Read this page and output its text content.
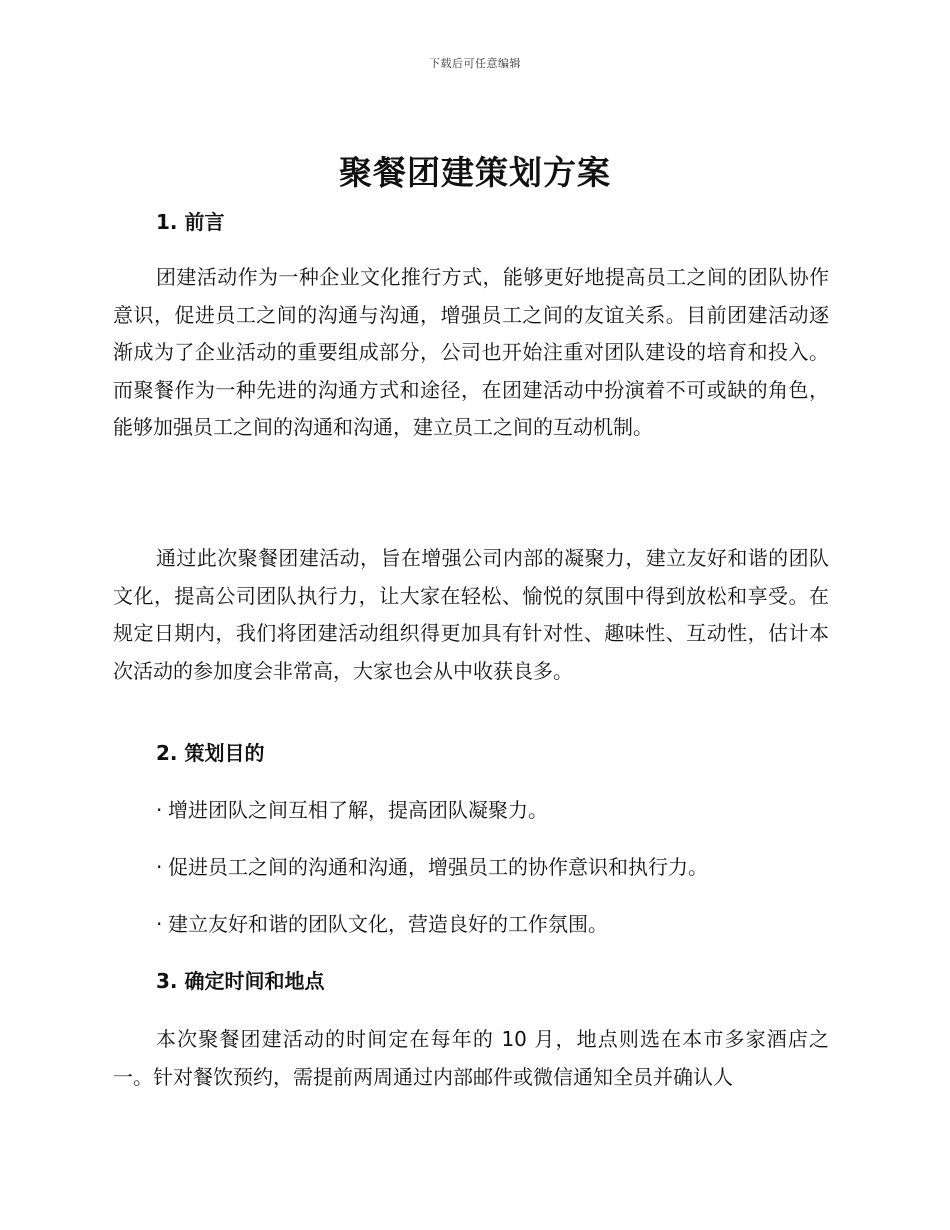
下载后可任意编辑
聚餐团建策划方案
1. 前言

团建活动作为一种企业文化推行方式，能够更好地提高员工之间的团队协作意识，促进员工之间的沟通与沟通，增强员工之间的友谊关系。目前团建活动逐渐成为了企业活动的重要组成部分，公司也开始注重对团队建设的培育和投入。而聚餐作为一种先进的沟通方式和途径，在团建活动中扮演着不可或缺的角色，能够加强员工之间的沟通和沟通，建立员工之间的互动机制。

通过此次聚餐团建活动，旨在增强公司内部的凝聚力，建立友好和谐的团队文化，提高公司团队执行力，让大家在轻松、愉悦的氛围中得到放松和享受。在规定日期内，我们将团建活动组织得更加具有针对性、趣味性、互动性，估计本次活动的参加度会非常高，大家也会从中收获良多。

2. 策划目的

· 增进团队之间互相了解，提高团队凝聚力。

· 促进员工之间的沟通和沟通，增强员工的协作意识和执行力。

· 建立友好和谐的团队文化，营造良好的工作氛围。

3. 确定时间和地点

本次聚餐团建活动的时间定在每年的 10 月，地点则选在本市多家酒店之一。针对餐饮预约，需提前两周通过内部邮件或微信通知全员并确认人
